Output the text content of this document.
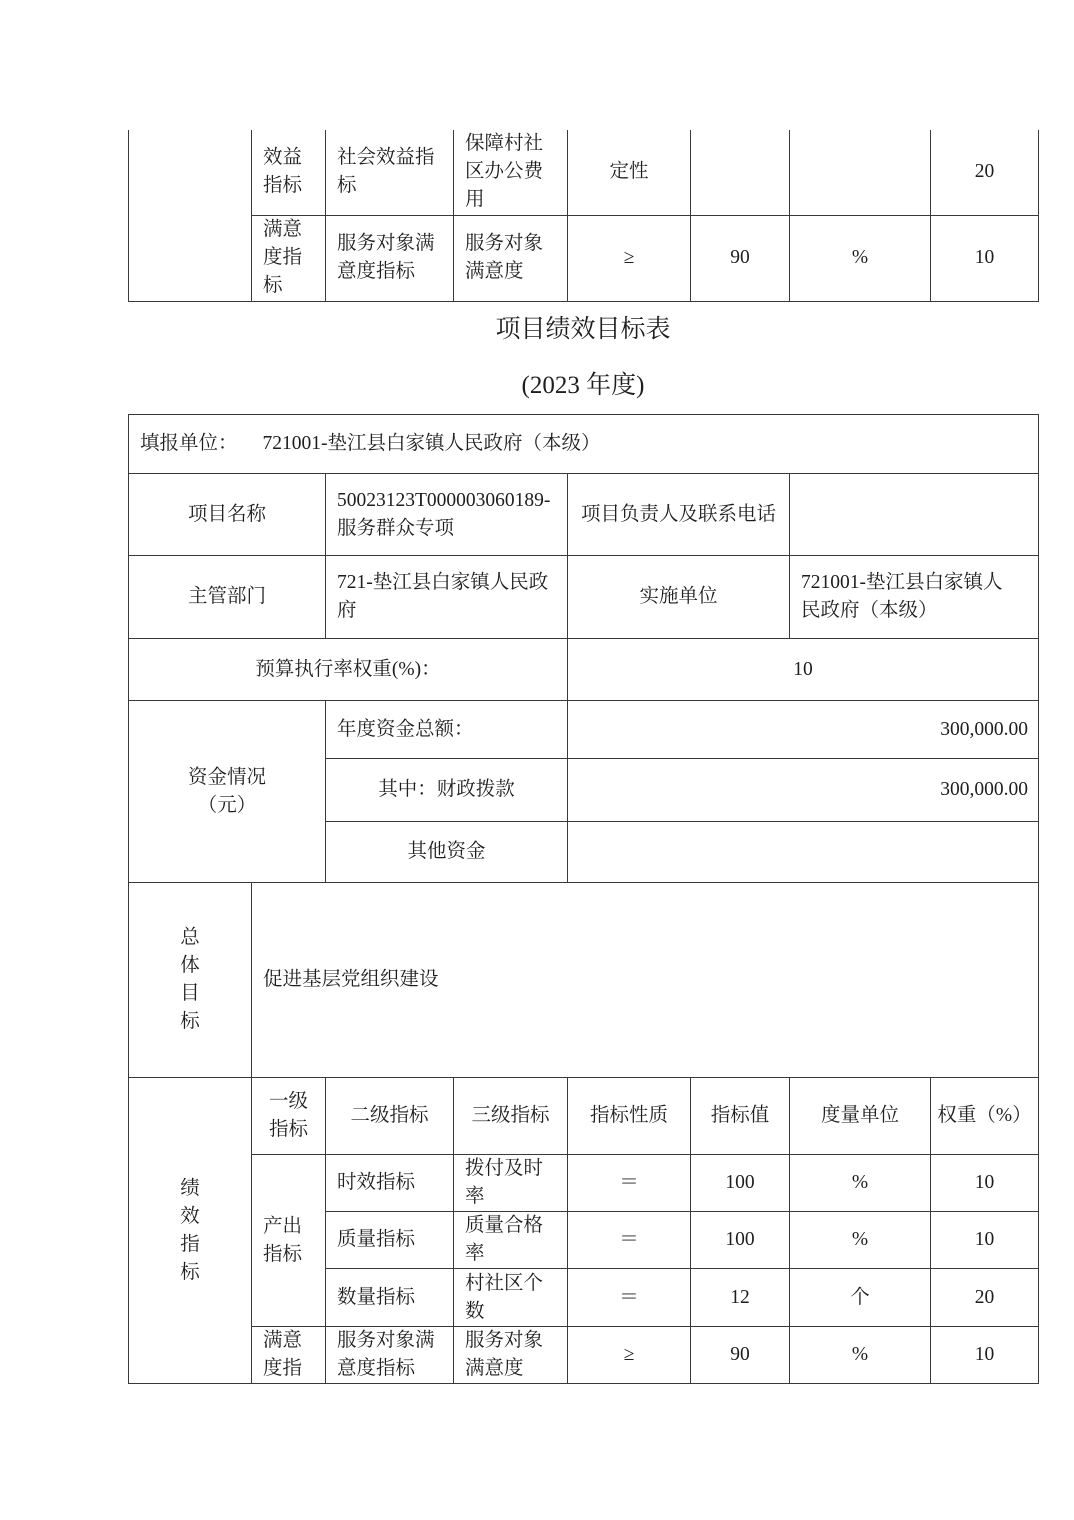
	效益指标	社会效益指标	保障村社区办公费用	定性			20

	满意度指标	服务对象满意度指标	服务对象满意度	≥	90	%	10
项目绩效目标表
(2023 年度)
填报单位： 721001-垫江县白家镇人民政府（本级）							
项目名称		50023123T000003060189-服务群众专项		项目负责人及联系电话			
主管部门		721-垫江县白家镇人民政府		实施单位		721001-垫江县白家镇人民政府（本级）	

预算执行率权重(%)：				10			

资金情况（元）		年度资金总额：		300,000.00			
		其中：财政拨款		300,000.00			
		其他资金					

总体目标	促进基层党组织建设						

绩效指标	一级指标	二级指标	三级指标	指标性质	指标值	度量单位	权重（%）

	产出指标	时效指标	拨付及时率	＝	100	%	10
		质量指标	质量合格率	＝	100	%	10
		数量指标	村社区个数	＝	12	个	20

	满意度指	服务对象满意度指标	服务对象满意度	≥	90	%	10
